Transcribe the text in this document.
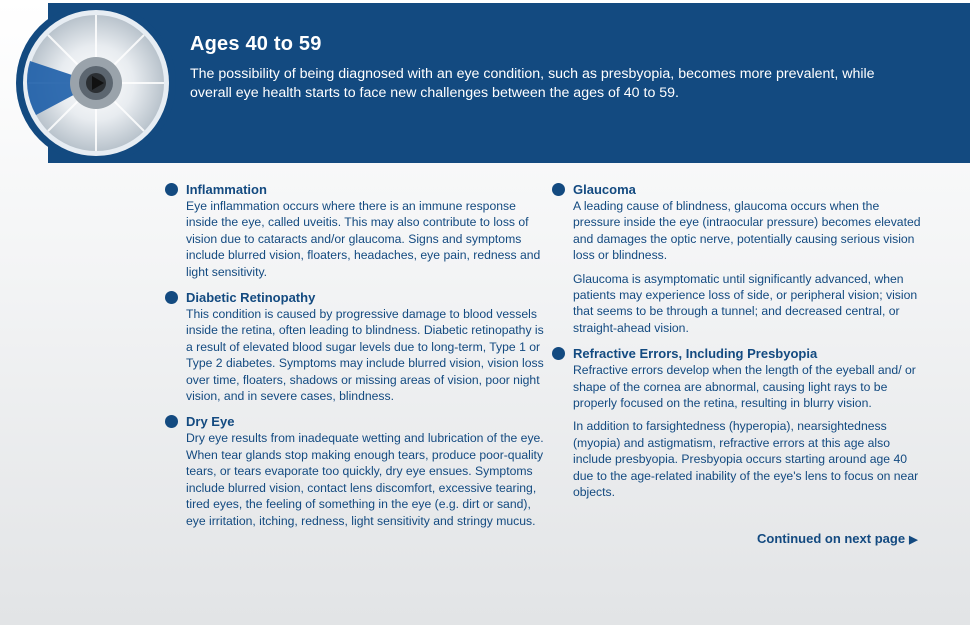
Ages 40 to 59
The possibility of being diagnosed with an eye condition, such as presbyopia, becomes more prevalent, while overall eye health starts to face new challenges between the ages of 40 to 59.
Inflammation

Eye inflammation occurs where there is an immune response inside the eye, called uveitis. This may also contribute to loss of vision due to cataracts and/or glaucoma. Signs and symptoms include blurred vision, floaters, headaches, eye pain, redness and light sensitivity.

Diabetic Retinopathy

This condition is caused by progressive damage to blood vessels inside the retina, often leading to blindness. Diabetic retinopathy is a result of elevated blood sugar levels due to long-term, Type 1 or Type 2 diabetes. Symptoms may include blurred vision, vision loss over time, floaters, shadows or missing areas of vision, poor night vision, and in severe cases, blindness.

Dry Eye

Dry eye results from inadequate wetting and lubrication of the eye. When tear glands stop making enough tears, produce poor-quality tears, or tears evaporate too quickly, dry eye ensues. Symptoms include blurred vision, contact lens discomfort, excessive tearing, tired eyes, the feeling of something in the eye (e.g. dirt or sand), eye irritation, itching, redness, light sensitivity and stringy mucus.

Glaucoma

A leading cause of blindness, glaucoma occurs when the pressure inside the eye (intraocular pressure) becomes elevated and damages the optic nerve, potentially causing serious vision loss or blindness.

Glaucoma is asymptomatic until significantly advanced, when patients may experience loss of side, or peripheral vision; vision that seems to be through a tunnel; and decreased central, or straight-ahead vision.

Refractive Errors, Including Presbyopia

Refractive errors develop when the length of the eyeball and/ or shape of the cornea are abnormal, causing light rays to be properly focused on the retina, resulting in blurry vision.

In addition to farsightedness (hyperopia), nearsightedness (myopia) and astigmatism, refractive errors at this age also include presbyopia. Presbyopia occurs starting around age 40 due to the age-related inability of the eye's lens to focus on near objects.

Continued on next page ▶
